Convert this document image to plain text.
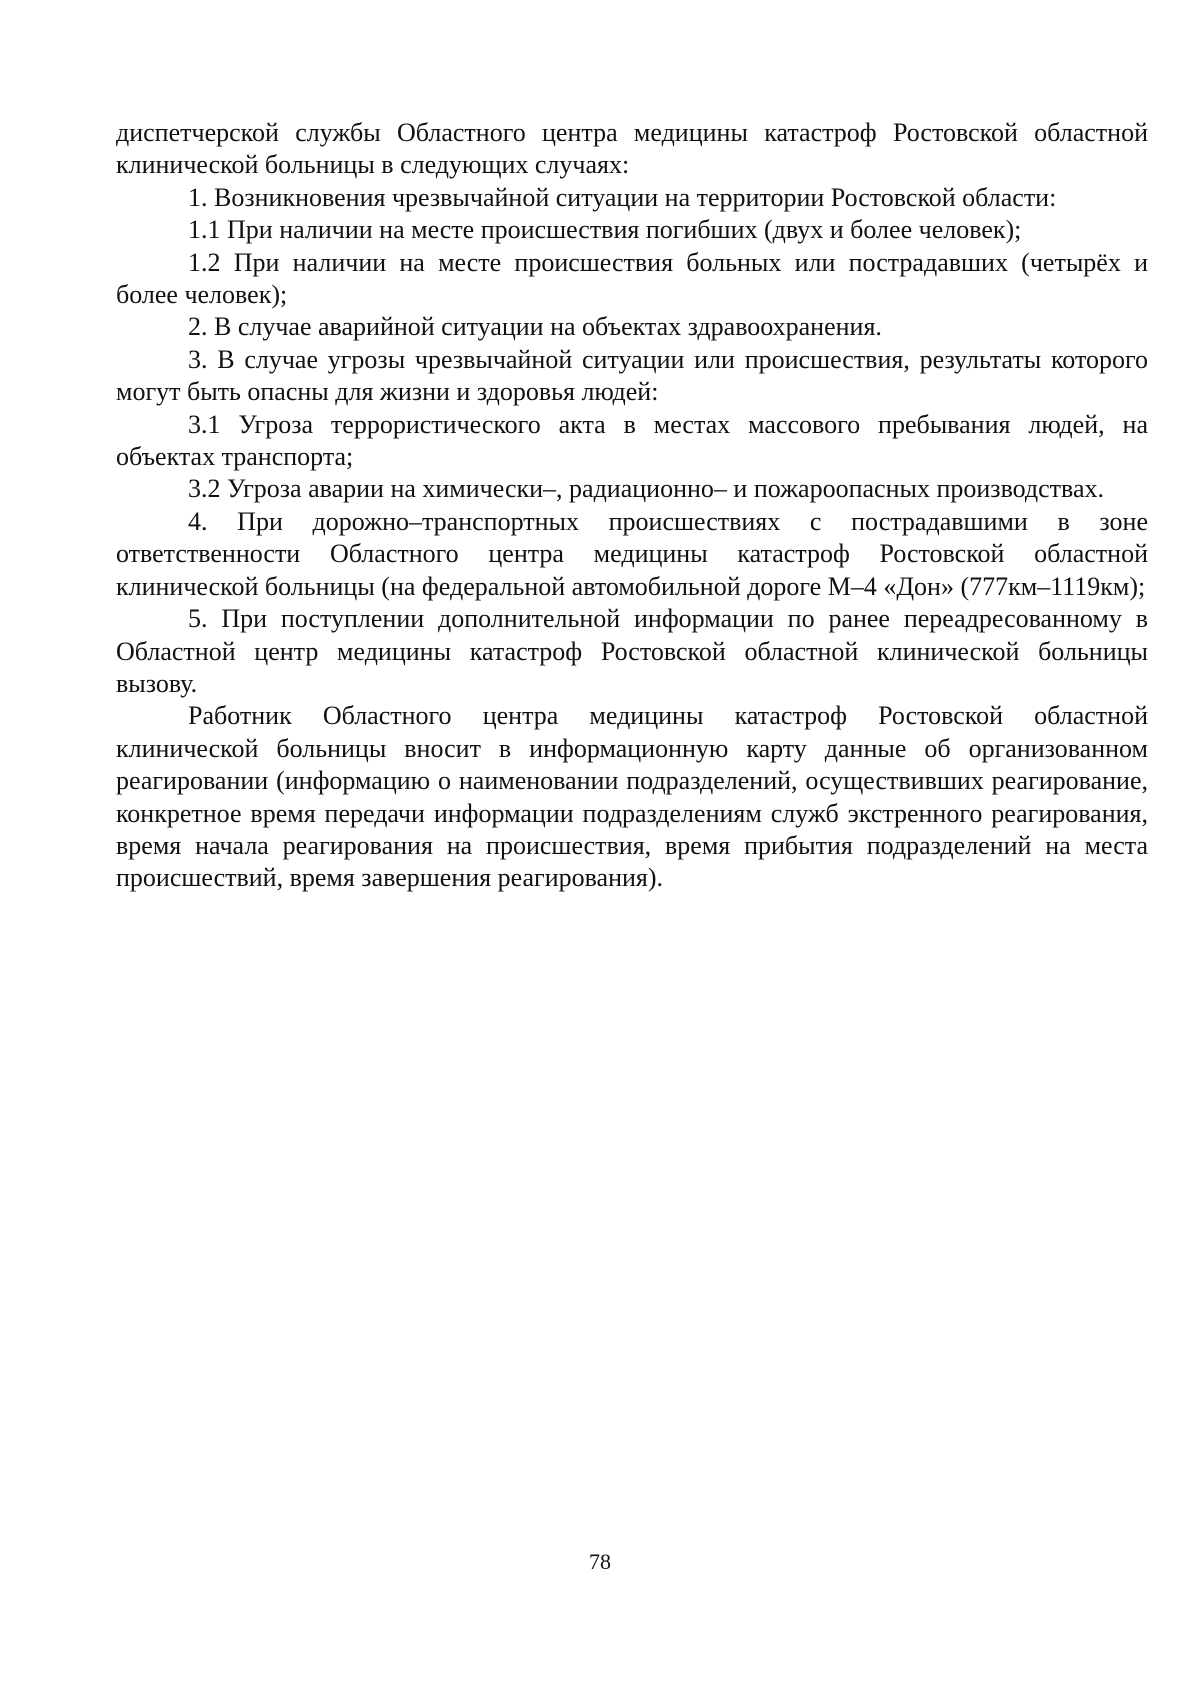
диспетчерской службы Областного центра медицины катастроф Ростовской областной клинической больницы в следующих случаях:

1. Возникновения чрезвычайной ситуации на территории Ростовской области:

1.1 При наличии на месте происшествия погибших (двух и более человек);

1.2 При наличии на месте происшествия больных или пострадавших (четырёх и более человек);

2. В случае аварийной ситуации на объектах здравоохранения.

3. В случае угрозы чрезвычайной ситуации или происшествия, результаты которого могут быть опасны для жизни и здоровья людей:

3.1 Угроза террористического акта в местах массового пребывания людей, на объектах транспорта;

3.2 Угроза аварии на химически–, радиационно– и пожароопасных производствах.

4. При дорожно–транспортных происшествиях с пострадавшими в зоне ответственности Областного центра медицины катастроф Ростовской областной клинической больницы (на федеральной автомобильной дороге М–4 «Дон» (777км–1119км);

5. При поступлении дополнительной информации по ранее переадресованному в Областной центр медицины катастроф Ростовской областной клинической больницы вызову.

Работник Областного центра медицины катастроф Ростовской областной клинической больницы вносит в информационную карту данные об организованном реагировании (информацию о наименовании подразделений, осуществивших реагирование, конкретное время передачи информации подразделениям служб экстренного реагирования, время начала реагирования на происшествия, время прибытия подразделений на места происшествий, время завершения реагирования).

78
